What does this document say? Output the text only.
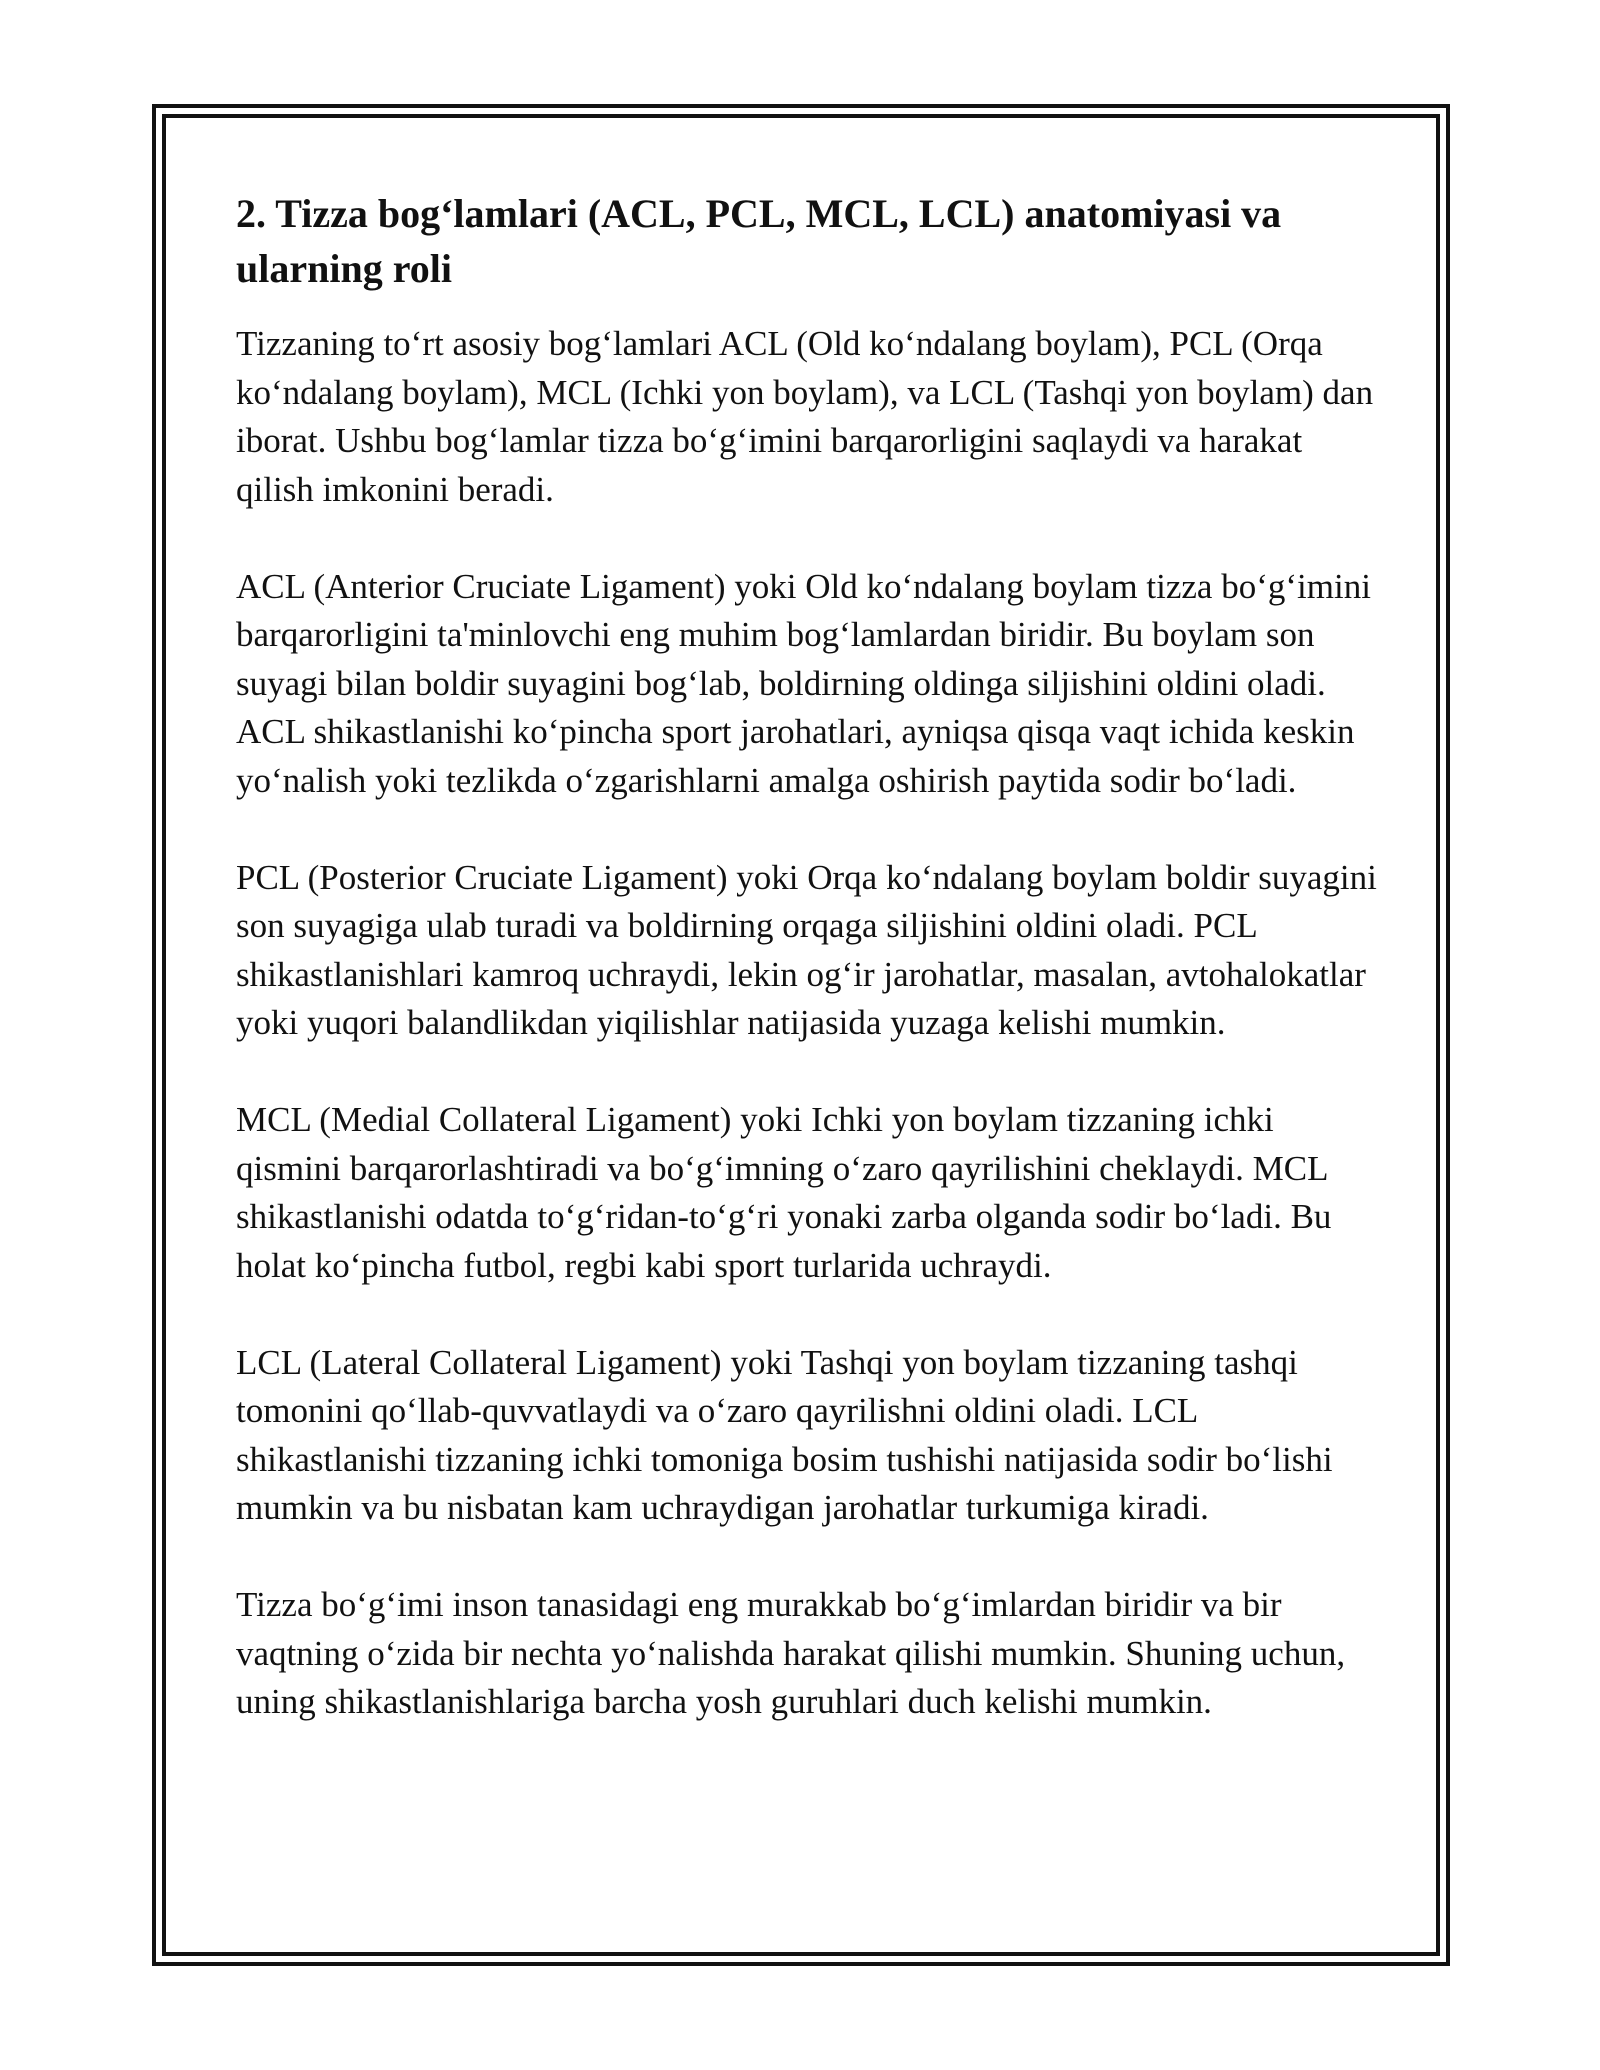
2. Tizza bog‘lamlari (ACL, PCL, MCL, LCL) anatomiyasi va ularning roli

Tizzaning to‘rt asosiy bog‘lamlari ACL (Old ko‘ndalang boylam), PCL (Orqa ko‘ndalang boylam), MCL (Ichki yon boylam), va LCL (Tashqi yon boylam) dan iborat. Ushbu bog‘lamlar tizza bo‘g‘imini barqarorligini saqlaydi va harakat qilish imkonini beradi.

ACL (Anterior Cruciate Ligament) yoki Old ko‘ndalang boylam tizza bo‘g‘imini barqarorligini ta'minlovchi eng muhim bog‘lamlardan biridir. Bu boylam son suyagi bilan boldir suyagini bog‘lab, boldirning oldinga siljishini oldini oladi. ACL shikastlanishi ko‘pincha sport jarohatlari, ayniqsa qisqa vaqt ichida keskin yo‘nalish yoki tezlikda o‘zgarishlarni amalga oshirish paytida sodir bo‘ladi.

PCL (Posterior Cruciate Ligament) yoki Orqa ko‘ndalang boylam boldir suyagini son suyagiga ulab turadi va boldirning orqaga siljishini oldini oladi. PCL shikastlanishlari kamroq uchraydi, lekin og‘ir jarohatlar, masalan, avtohalokatlar yoki yuqori balandlikdan yiqilishlar natijasida yuzaga kelishi mumkin.

MCL (Medial Collateral Ligament) yoki Ichki yon boylam tizzaning ichki qismini barqarorlashtiradi va bo‘g‘imning o‘zaro qayrilishini cheklaydi. MCL shikastlanishi odatda to‘g‘ridan-to‘g‘ri yonaki zarba olganda sodir bo‘ladi. Bu holat ko‘pincha futbol, regbi kabi sport turlarida uchraydi.

LCL (Lateral Collateral Ligament) yoki Tashqi yon boylam tizzaning tashqi tomonini qo‘llab-quvvatlaydi va o‘zaro qayrilishni oldini oladi. LCL shikastlanishi tizzaning ichki tomoniga bosim tushishi natijasida sodir bo‘lishi mumkin va bu nisbatan kam uchraydigan jarohatlar turkumiga kiradi.

Tizza bo‘g‘imi inson tanasidagi eng murakkab bo‘g‘imlardan biridir va bir vaqtning o‘zida bir nechta yo‘nalishda harakat qilishi mumkin. Shuning uchun, uning shikastlanishlariga barcha yosh guruhlari duch kelishi mumkin.
